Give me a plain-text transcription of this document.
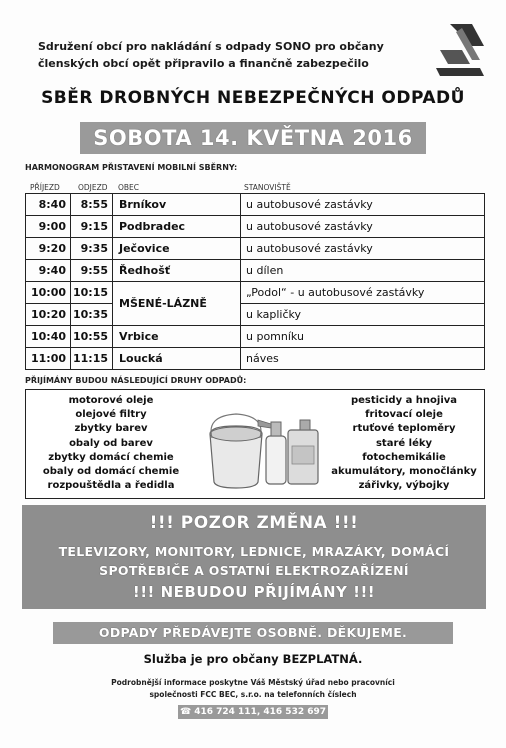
Sdružení obcí pro nakládání s odpady SONO pro občany
členských obcí opět připravilo a finančně zabezpečilo
SBĚR DROBNÝCH NEBEZPEČNÝCH ODPADŮ
SOBOTA 14. KVĚTNA 2016
HARMONOGRAM PŘISTAVENÍ MOBILNÍ SBĚRNY:
PŘÍJEZD ODJEZD OBEC	STANOVIŠTĚ
8:40	8:55	Brníkov	u autobusové zastávky
9:00	9:15	Podbradec	u autobusové zastávky
9:20	9:35	Ječovice	u autobusové zastávky
9:40	9:55	Ředhošť	u dílen
10:00	10:15	MŠENÉ-LÁZNĚ	„Podol“ - u autobusové zastávky
10:20	10:35		u kapličky
10:40	10:55	Vrbice	u pomníku
11:00	11:15	Loucká	náves
PŘIJÍMÁNY BUDOU NÁSLEDUJÍCÍ DRUHY ODPADŮ:
motorové oleje
olejové filtry
zbytky barev
obaly od barev
zbytky domácí chemie
obaly od domácí chemie
rozpouštědla a ředidla
pesticidy a hnojiva
fritovací oleje
rtuťové teploměry
staré léky
fotochemikálie
akumulátory, monočlánky
zářivky, výbojky
!!! POZOR ZMĚNA !!!
TELEVIZORY, MONITORY, LEDNICE, MRAZÁKY, DOMÁCÍ
SPOTŘEBIČE A OSTATNÍ ELEKTROZAŘÍZENÍ
!!! NEBUDOU PŘIJÍMÁNY !!!
ODPADY PŘEDÁVEJTE OSOBNĚ. DĚKUJEME.
Služba je pro občany BEZPLATNÁ.
Podrobnější informace poskytne Váš Městský úřad nebo pracovníci
společnosti FCC BEC, s.r.o. na telefonních číslech
☎ 416 724 111, 416 532 697
